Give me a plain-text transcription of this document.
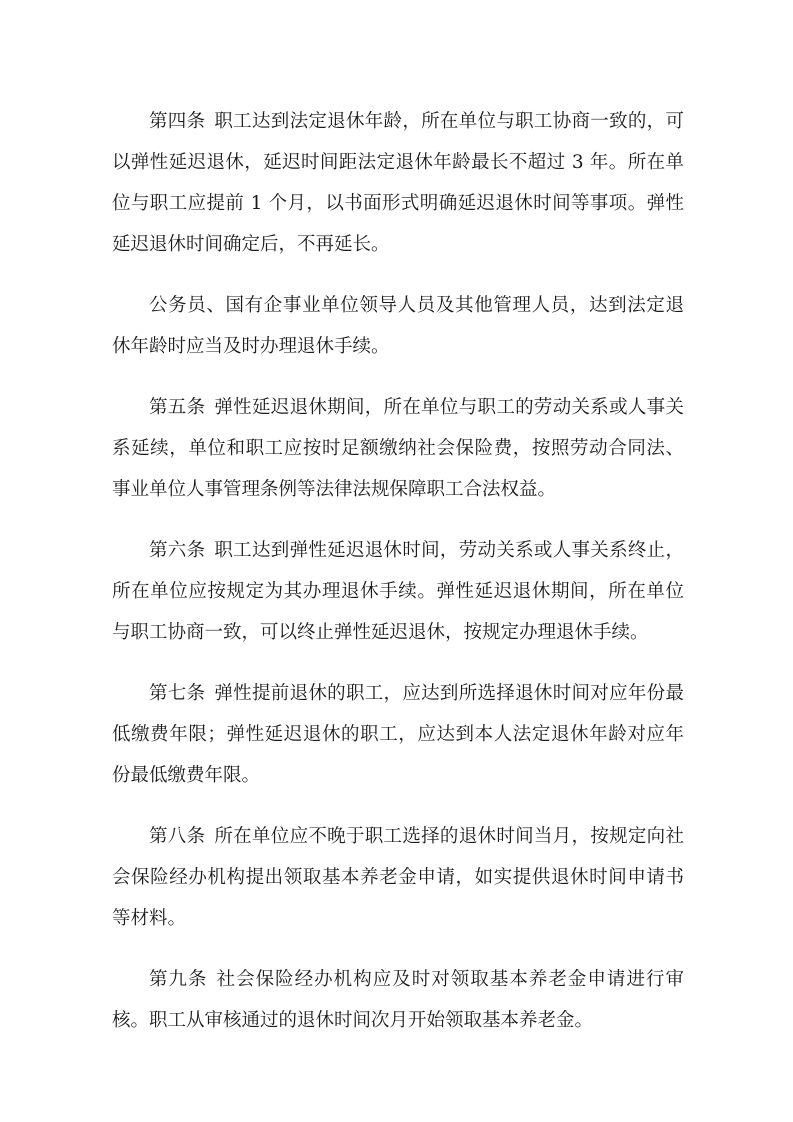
第四条 职工达到法定退休年龄，所在单位与职工协商一致的，可以弹性延迟退休，延迟时间距法定退休年龄最长不超过 3 年。所在单位与职工应提前 1 个月，以书面形式明确延迟退休时间等事项。弹性延迟退休时间确定后，不再延长。

公务员、国有企事业单位领导人员及其他管理人员，达到法定退休年龄时应当及时办理退休手续。

第五条 弹性延迟退休期间，所在单位与职工的劳动关系或人事关系延续，单位和职工应按时足额缴纳社会保险费，按照劳动合同法、事业单位人事管理条例等法律法规保障职工合法权益。

第六条 职工达到弹性延迟退休时间，劳动关系或人事关系终止，所在单位应按规定为其办理退休手续。弹性延迟退休期间，所在单位与职工协商一致，可以终止弹性延迟退休，按规定办理退休手续。

第七条 弹性提前退休的职工，应达到所选择退休时间对应年份最低缴费年限；弹性延迟退休的职工，应达到本人法定退休年龄对应年份最低缴费年限。

第八条 所在单位应不晚于职工选择的退休时间当月，按规定向社会保险经办机构提出领取基本养老金申请，如实提供退休时间申请书等材料。

第九条 社会保险经办机构应及时对领取基本养老金申请进行审核。职工从审核通过的退休时间次月开始领取基本养老金。
